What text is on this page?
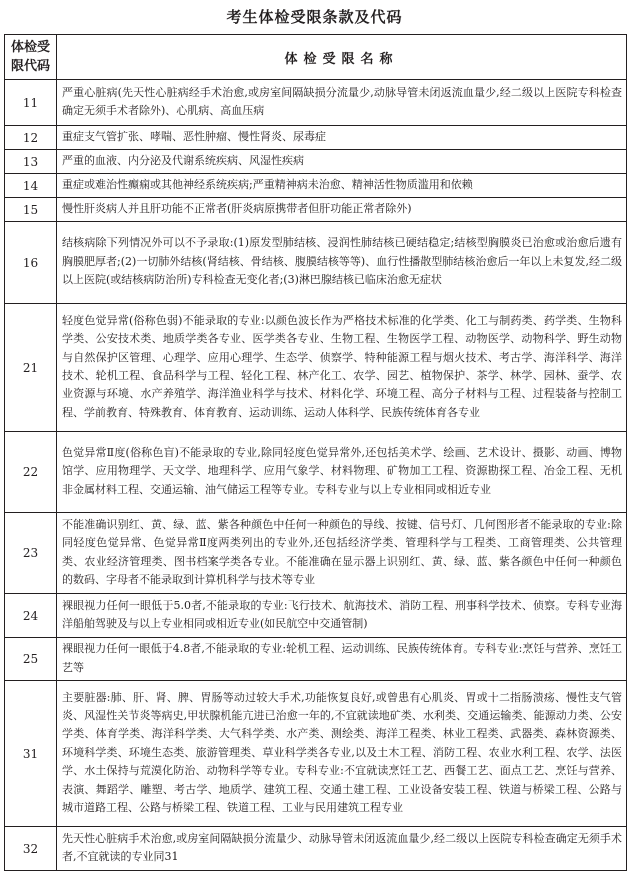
考生体检受限条款及代码
体检受限代码	体检受限名称
11	严重心脏病(先天性心脏病经手术治愈,或房室间隔缺损分流量少,动脉导管未闭返流血量少,经二级以上医院专科检查确定无须手术者除外)、心肌病、高血压病
12	重症支气管扩张、哮喘、恶性肿瘤、慢性肾炎、尿毒症
13	严重的血液、内分泌及代谢系统疾病、风湿性疾病
14	重症或难治性癫痫或其他神经系统疾病;严重精神病未治愈、精神活性物质滥用和依赖
15	慢性肝炎病人并且肝功能不正常者(肝炎病原携带者但肝功能正常者除外)
16	结核病除下列情况外可以不予录取:(1)原发型肺结核、浸润性肺结核已硬结稳定;结核型胸膜炎已治愈或治愈后遗有胸膜肥厚者;(2)一切肺外结核(肾结核、骨结核、腹膜结核等等)、血行性播散型肺结核治愈后一年以上未复发,经二级以上医院(或结核病防治所)专科检查无变化者;(3)淋巴腺结核已临床治愈无症状
21	轻度色觉异常(俗称色弱)不能录取的专业:以颜色波长作为严格技术标准的化学类、化工与制药类、药学类、生物科学类、公安技术类、地质学类各专业、医学类各专业、生物工程、生物医学工程、动物医学、动物科学、野生动物与自然保护区管理、心理学、应用心理学、生态学、侦察学、特种能源工程与烟火技术、考古学、海洋科学、海洋技术、轮机工程、食品科学与工程、轻化工程、林产化工、农学、园艺、植物保护、茶学、林学、园林、蚕学、农业资源与环境、水产养殖学、海洋渔业科学与技术、材料化学、环境工程、高分子材料与工程、过程装备与控制工程、学前教育、特殊教育、体育教育、运动训练、运动人体科学、民族传统体育各专业
22	色觉异常Ⅱ度(俗称色盲)不能录取的专业,除同轻度色觉异常外,还包括美术学、绘画、艺术设计、摄影、动画、博物馆学、应用物理学、天文学、地理科学、应用气象学、材料物理、矿物加工工程、资源勘探工程、冶金工程、无机非金属材料工程、交通运输、油气储运工程等专业。专科专业与以上专业相同或相近专业
23	不能准确识别红、黄、绿、蓝、紫各种颜色中任何一种颜色的导线、按键、信号灯、几何图形者不能录取的专业:除同轻度色觉异常、色觉异常Ⅱ度两类列出的专业外,还包括经济学类、管理科学与工程类、工商管理类、公共管理类、农业经济管理类、图书档案学类各专业。不能准确在显示器上识别红、黄、绿、蓝、紫各颜色中任何一种颜色的数码、字母者不能录取到计算机科学与技术等专业
24	裸眼视力任何一眼低于5.0者,不能录取的专业:飞行技术、航海技术、消防工程、刑事科学技术、侦察。专科专业海洋船舶驾驶及与以上专业相同或相近专业(如民航空中交通管制)
25	裸眼视力任何一眼低于4.8者,不能录取的专业:轮机工程、运动训练、民族传统体育。专科专业:烹饪与营养、烹饪工艺等
31	主要脏器:肺、肝、肾、脾、胃肠等动过较大手术,功能恢复良好,或曾患有心肌炎、胃或十二指肠溃疡、慢性支气管炎、风湿性关节炎等病史,甲状腺机能亢进已治愈一年的,不宜就读地矿类、水利类、交通运输类、能源动力类、公安学类、体育学类、海洋科学类、大气科学类、水产类、测绘类、海洋工程类、林业工程类、武器类、森林资源类、环境科学类、环境生态类、旅游管理类、草业科学类各专业,以及土木工程、消防工程、农业水利工程、农学、法医学、水土保持与荒漠化防治、动物科学等专业。专科专业:不宜就读烹饪工艺、西餐工艺、面点工艺、烹饪与营养、表演、舞蹈学、雕塑、考古学、地质学、建筑工程、交通土建工程、工业设备安装工程、铁道与桥梁工程、公路与城市道路工程、公路与桥梁工程、铁道工程、工业与民用建筑工程专业
32	先天性心脏病手术治愈,或房室间隔缺损分流量少、动脉导管未闭返流血量少,经二级以上医院专科检查确定无须手术者,不宜就读的专业同31
